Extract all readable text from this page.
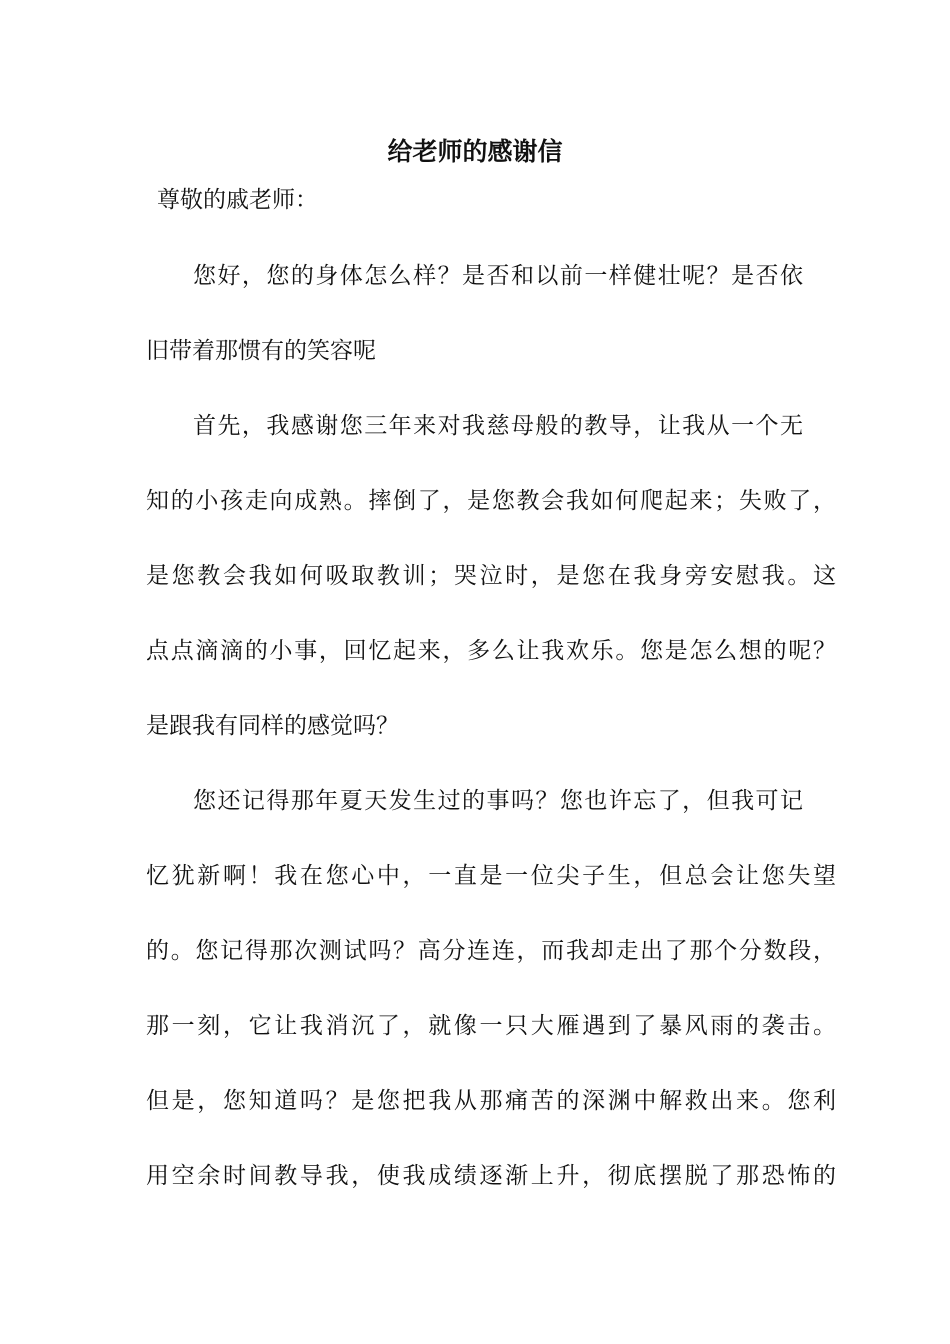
给老师的感谢信
尊敬的戚老师：
您好，您的身体怎么样？是否和以前一样健壮呢？是否依
旧带着那惯有的笑容呢
首先，我感谢您三年来对我慈母般的教导，让我从一个无
知的小孩走向成熟。摔倒了，是您教会我如何爬起来；失败了，
是您教会我如何吸取教训；哭泣时，是您在我身旁安慰我。这
点点滴滴的小事，回忆起来，多么让我欢乐。您是怎么想的呢？
是跟我有同样的感觉吗？
您还记得那年夏天发生过的事吗？您也许忘了，但我可记
忆犹新啊！我在您心中，一直是一位尖子生，但总会让您失望
的。您记得那次测试吗？高分连连，而我却走出了那个分数段，
那一刻，它让我消沉了，就像一只大雁遇到了暴风雨的袭击。
但是，您知道吗？是您把我从那痛苦的深渊中解救出来。您利
用空余时间教导我，使我成绩逐渐上升，彻底摆脱了那恐怖的
